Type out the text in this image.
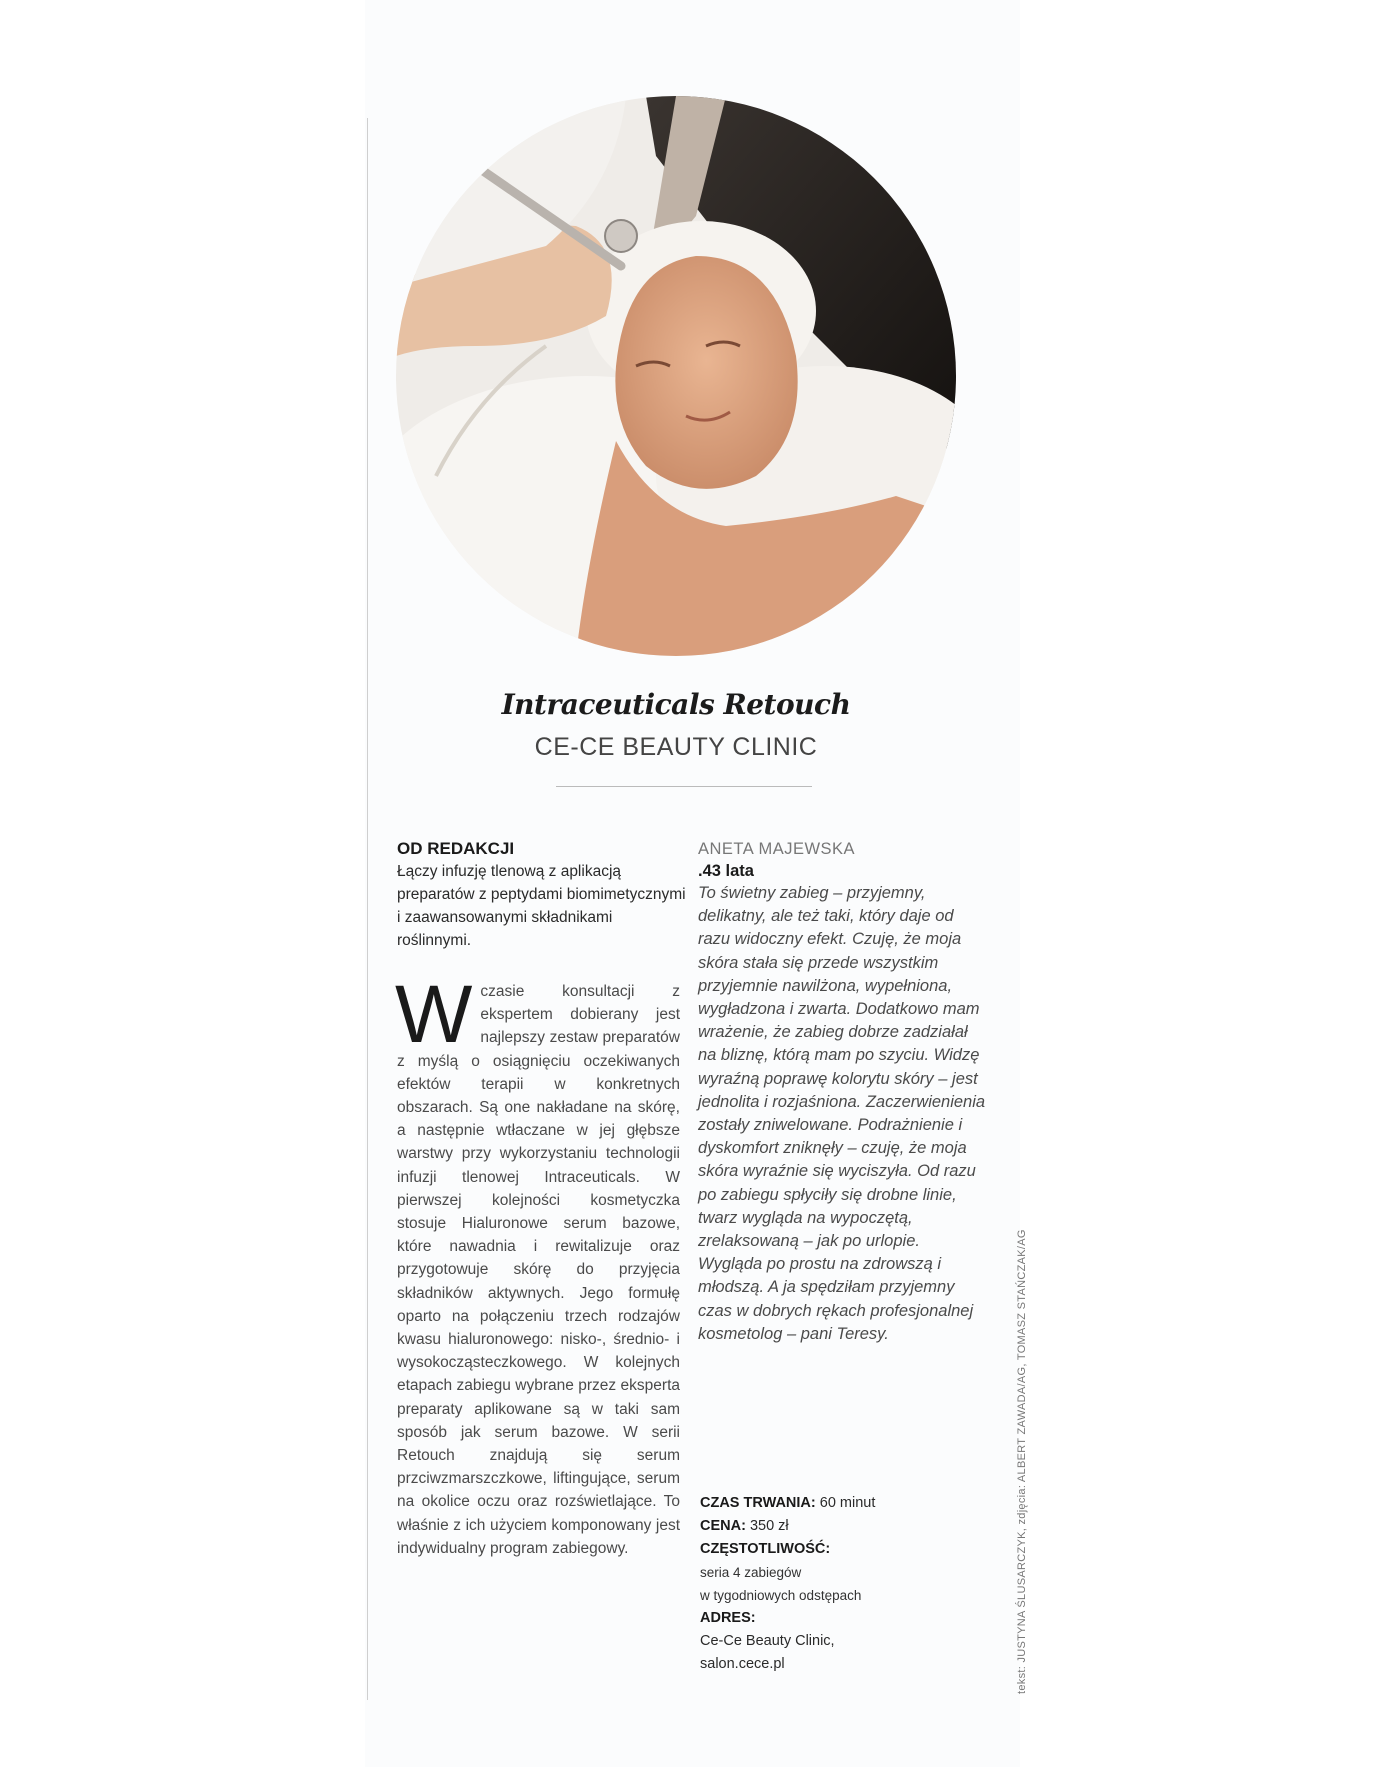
Intraceuticals Retouch
CE-CE BEAUTY CLINIC

OD REDAKCJI

Łączy infuzję tlenową z aplikacją preparatów z peptydami biomimetycznymi i zaawansowanymi składnikami roślinnymi.

Wczasie konsultacji z ekspertem dobierany jest najlepszy zestaw preparatów z myślą o osiągnięciu oczekiwanych efektów terapii w konkretnych obszarach. Są one nakładane na skórę, a następnie wtłaczane w jej głębsze warstwy przy wykorzystaniu technologii infuzji tlenowej Intraceuticals. W pierwszej kolejności kosmetyczka stosuje Hialuronowe serum bazowe, które nawadnia i rewitalizuje oraz przygotowuje skórę do przyjęcia składników aktywnych. Jego formułę oparto na połączeniu trzech rodzajów kwasu hialuronowego: nisko-, średnio- i wysokocząsteczkowego. W kolejnych etapach zabiegu wybrane przez eksperta preparaty aplikowane są w taki sam sposób jak serum bazowe. W serii Retouch znajdują się serum przciwzmarszczkowe, liftingujące, serum na okolice oczu oraz rozświetlające. To właśnie z ich użyciem komponowany jest indywidualny program zabiegowy.

ANETA MAJEWSKA

.43 lata

To świetny zabieg – przyjemny, delikatny, ale też taki, który daje od razu widoczny efekt. Czuję, że moja skóra stała się przede wszystkim przyjemnie nawilżona, wypełniona, wygładzona i zwarta. Dodatkowo mam wrażenie, że zabieg dobrze zadziałał na bliznę, którą mam po szyciu. Widzę wyraźną poprawę kolorytu skóry – jest jednolita i rozjaśniona. Zaczerwienienia zostały zniwelowane. Podrażnienie i dyskomfort zniknęły – czuję, że moja skóra wyraźnie się wyciszyła. Od razu po zabiegu spłyciły się drobne linie, twarz wygląda na wypoczętą, zrelaksowaną – jak po urlopie. Wygląda po prostu na zdrowszą i młodszą. A ja spędziłam przyjemny czas w dobrych rękach profesjonalnej kosmetolog – pani Teresy.

CZAS TRWANIA: 60 minut

CENA: 350 zł

CZĘSTOTLIWOŚĆ:

seria 4 zabiegów

w tygodniowych odstępach

ADRES:

Ce-Ce Beauty Clinic,

salon.cece.pl	tekst: JUSTYNA ŚLUSARCZYK, zdjęcia: ALBERT ZAWADA/AG, TOMASZ STAŃCZAK/AG
